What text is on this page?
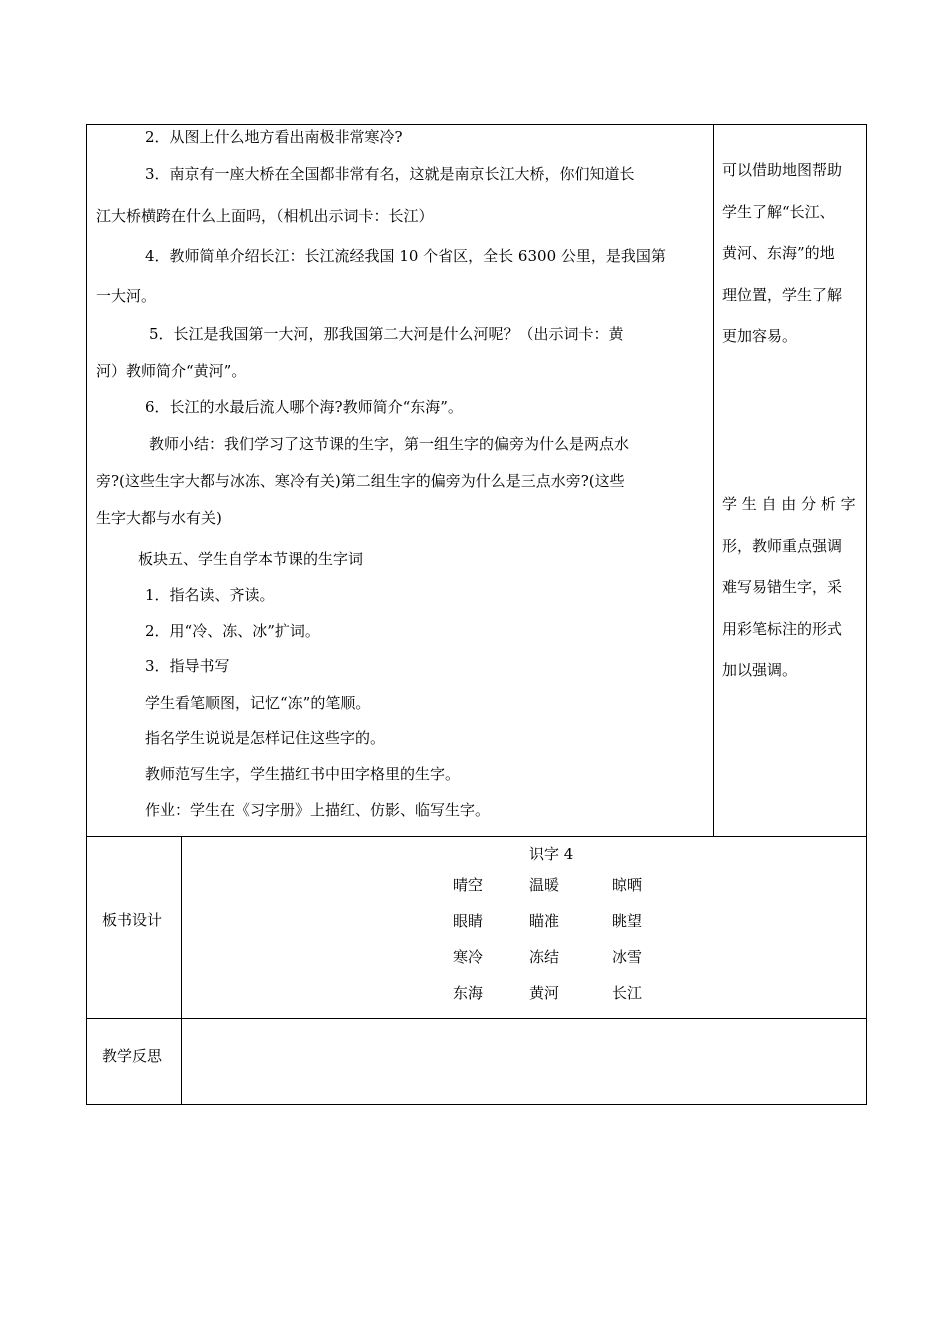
2．从图上什么地方看出南极非常寒冷?

3．南京有一座大桥在全国都非常有名，这就是南京长江大桥，你们知道长

江大桥横跨在什么上面吗，（相机出示词卡：长江）

4．教师简单介绍长江：长江流经我国 10 个省区，全长 6300 公里，是我国第

一大河。

5．长江是我国第一大河，那我国第二大河是什么河呢？（出示词卡：黄

河）教师简介“黄河”。

6．长江的水最后流人哪个海?教师简介“东海”。

教师小结：我们学习了这节课的生字，第一组生字的偏旁为什么是两点水

旁?(这些生字大都与冰冻、寒冷有关)第二组生字的偏旁为什么是三点水旁?(这些

生字大都与水有关)

板块五、学生自学本节课的生字词

1．指名读、齐读。

2．用“冷、冻、冰”扩词。

3．指导书写

学生看笔顺图，记忆“冻”的笔顺。

指名学生说说是怎样记住这些字的。

教师范写生字，学生描红书中田字格里的生字。

作业：学生在《习字册》上描红、仿影、临写生字。

可以借助地图帮助
学生了解“长江、
黄河、东海”的地
理位置，学生了解
更加容易。
学 生 自 由 分 析 字
形，教师重点强调
难写易错生字，采
用彩笔标注的形式
加以强调。
板书设计
识字 4
晴空	温暖	晾晒
眼睛	瞄准	眺望
寒冷	冻结	冰雪
东海	黄河	长江
教学反思
